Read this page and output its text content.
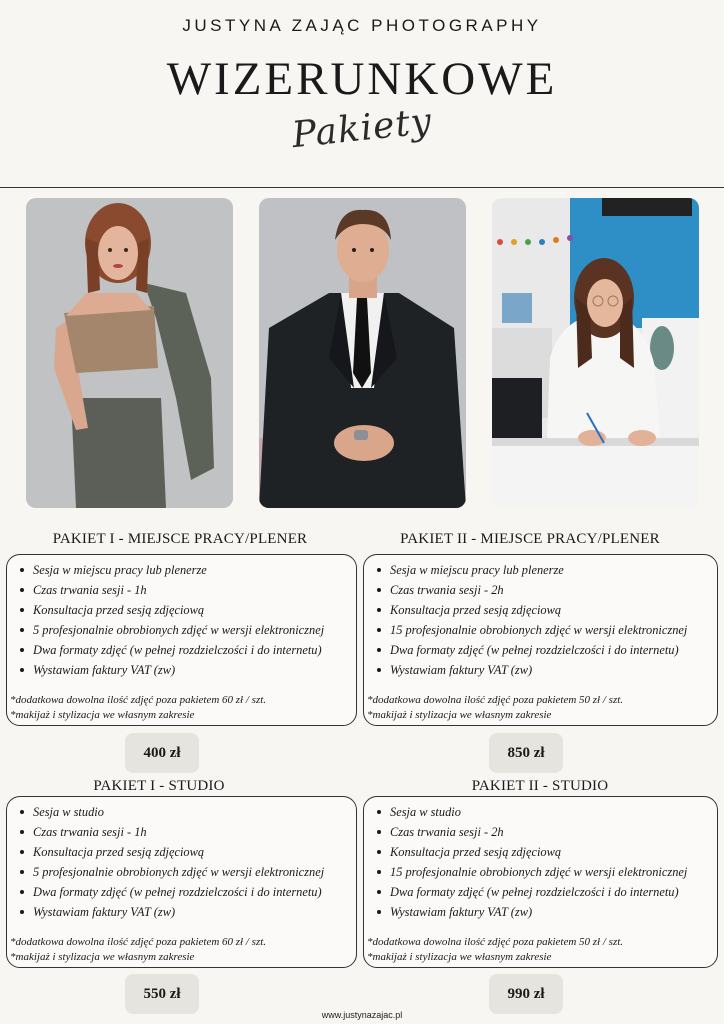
JUSTYNA ZAJĄC PHOTOGRAPHY
WIZERUNKOWE
Pakiety
PAKIET I - MIEJSCE PRACY/PLENER
Sesja w miejscu pracy lub plenerze
Czas trwania sesji - 1h
Konsultacja przed sesją zdjęciową
5 profesjonalnie obrobionych zdjęć w wersji elektronicznej
Dwa formaty zdjęć (w pełnej rozdzielczości i do internetu)
Wystawiam faktury VAT (zw)
*dodatkowa dowolna ilość zdjęć poza pakietem 60 zł / szt.
*makijaż i stylizacja we własnym zakresie
400 zł
PAKIET II - MIEJSCE PRACY/PLENER
Sesja w miejscu pracy lub plenerze
Czas trwania sesji - 2h
Konsultacja przed sesją zdjęciową
15 profesjonalnie obrobionych zdjęć w wersji elektronicznej
Dwa formaty zdjęć (w pełnej rozdzielczości i do internetu)
Wystawiam faktury VAT (zw)
*dodatkowa dowolna ilość zdjęć poza pakietem 50 zł / szt.
*makijaż i stylizacja we własnym zakresie
850 zł
PAKIET I - STUDIO
Sesja w studio
Czas trwania sesji - 1h
Konsultacja przed sesją zdjęciową
5 profesjonalnie obrobionych zdjęć w wersji elektronicznej
Dwa formaty zdjęć (w pełnej rozdzielczości i do internetu)
Wystawiam faktury VAT (zw)
*dodatkowa dowolna ilość zdjęć poza pakietem 60 zł / szt.
*makijaż i stylizacja we własnym zakresie
550 zł
PAKIET II - STUDIO
Sesja w studio
Czas trwania sesji - 2h
Konsultacja przed sesją zdjęciową
15 profesjonalnie obrobionych zdjęć w wersji elektronicznej
Dwa formaty zdjęć (w pełnej rozdzielczości i do internetu)
Wystawiam faktury VAT (zw)
*dodatkowa dowolna ilość zdjęć poza pakietem 50 zł / szt.
*makijaż i stylizacja we własnym zakresie
990 zł
www.justynazajac.pl
